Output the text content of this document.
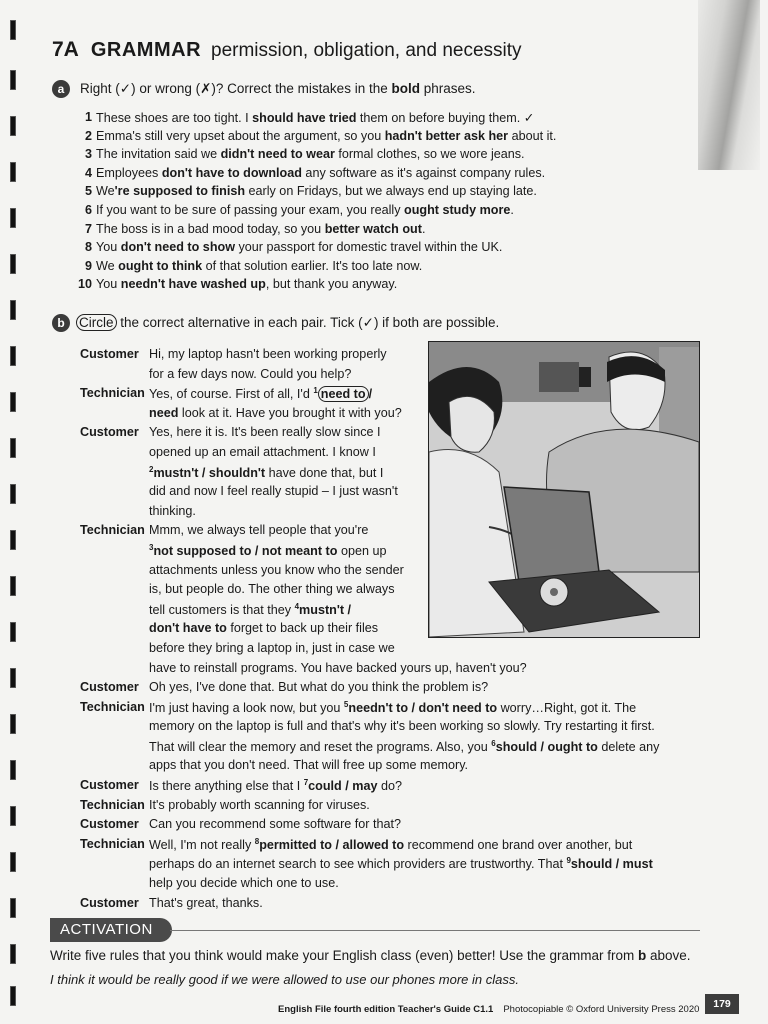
7A GRAMMAR permission, obligation, and necessity
a	Right (✓) or wrong (✗)? Correct the mistakes in the bold phrases.
1 These shoes are too tight. I should have tried them on before buying them. ✓
2 Emma's still very upset about the argument, so you hadn't better ask her about it.
3 The invitation said we didn't need to wear formal clothes, so we wore jeans.
4 Employees don't have to download any software as it's against company rules.
5 We're supposed to finish early on Fridays, but we always end up staying late.
6 If you want to be sure of passing your exam, you really ought study more.
7 The boss is in a bad mood today, so you better watch out.
8 You don't need to show your passport for domestic travel within the UK.
9 We ought to think of that solution earlier. It's too late now.
10 You needn't have washed up, but thank you anyway.
b	Circle the correct alternative in each pair. Tick (✓) if both are possible.
Customer Hi, my laptop hasn't been working properly
for a few days now. Could you help?
Technician Yes, of course. First of all, I'd $^1$ need to /
need look at it. Have you brought it with you?
Customer Yes, here it is. It's been really slow since I
opened up an email attachment. I know I
$^2$mustn't / shouldn't have done that, but I
did and now I feel really stupid – I just wasn't
thinking.
Technician Mmm, we always tell people that you're
$^3$not supposed to / not meant to open up
attachments unless you know who the sender
is, but people do. The other thing we always
tell customers is that they $^4$mustn't /
don't have to forget to back up their files
before they bring a laptop in, just in case we
have to reinstall programs. You have backed yours up, haven't you?
Customer Oh yes, I've done that. But what do you think the problem is?
Technician I'm just having a look now, but you $^5$needn't to / don't need to worry…Right, got it. The
memory on the laptop is full and that's why it's been working so slowly. Try restarting it first.
That will clear the memory and reset the programs. Also, you $^6$should / ought to delete any
apps that you don't need. That will free up some memory.
Customer Is there anything else that I $^7$could / may do?
Technician It's probably worth scanning for viruses.
Customer Can you recommend some software for that?
Technician Well, I'm not really $^8$permitted to / allowed to recommend one brand over another, but
perhaps do an internet search to see which providers are trustworthy. That $^9$should / must
help you decide which one to use.
Customer That's great, thanks.
ACTIVATION
Write five rules that you think would make your English class (even) better! Use the grammar from b above.
I think it would be really good if we were allowed to use our phones more in class.
English File fourth edition Teacher's Guide C1.1 Photocopiable © Oxford University Press 2020	179
